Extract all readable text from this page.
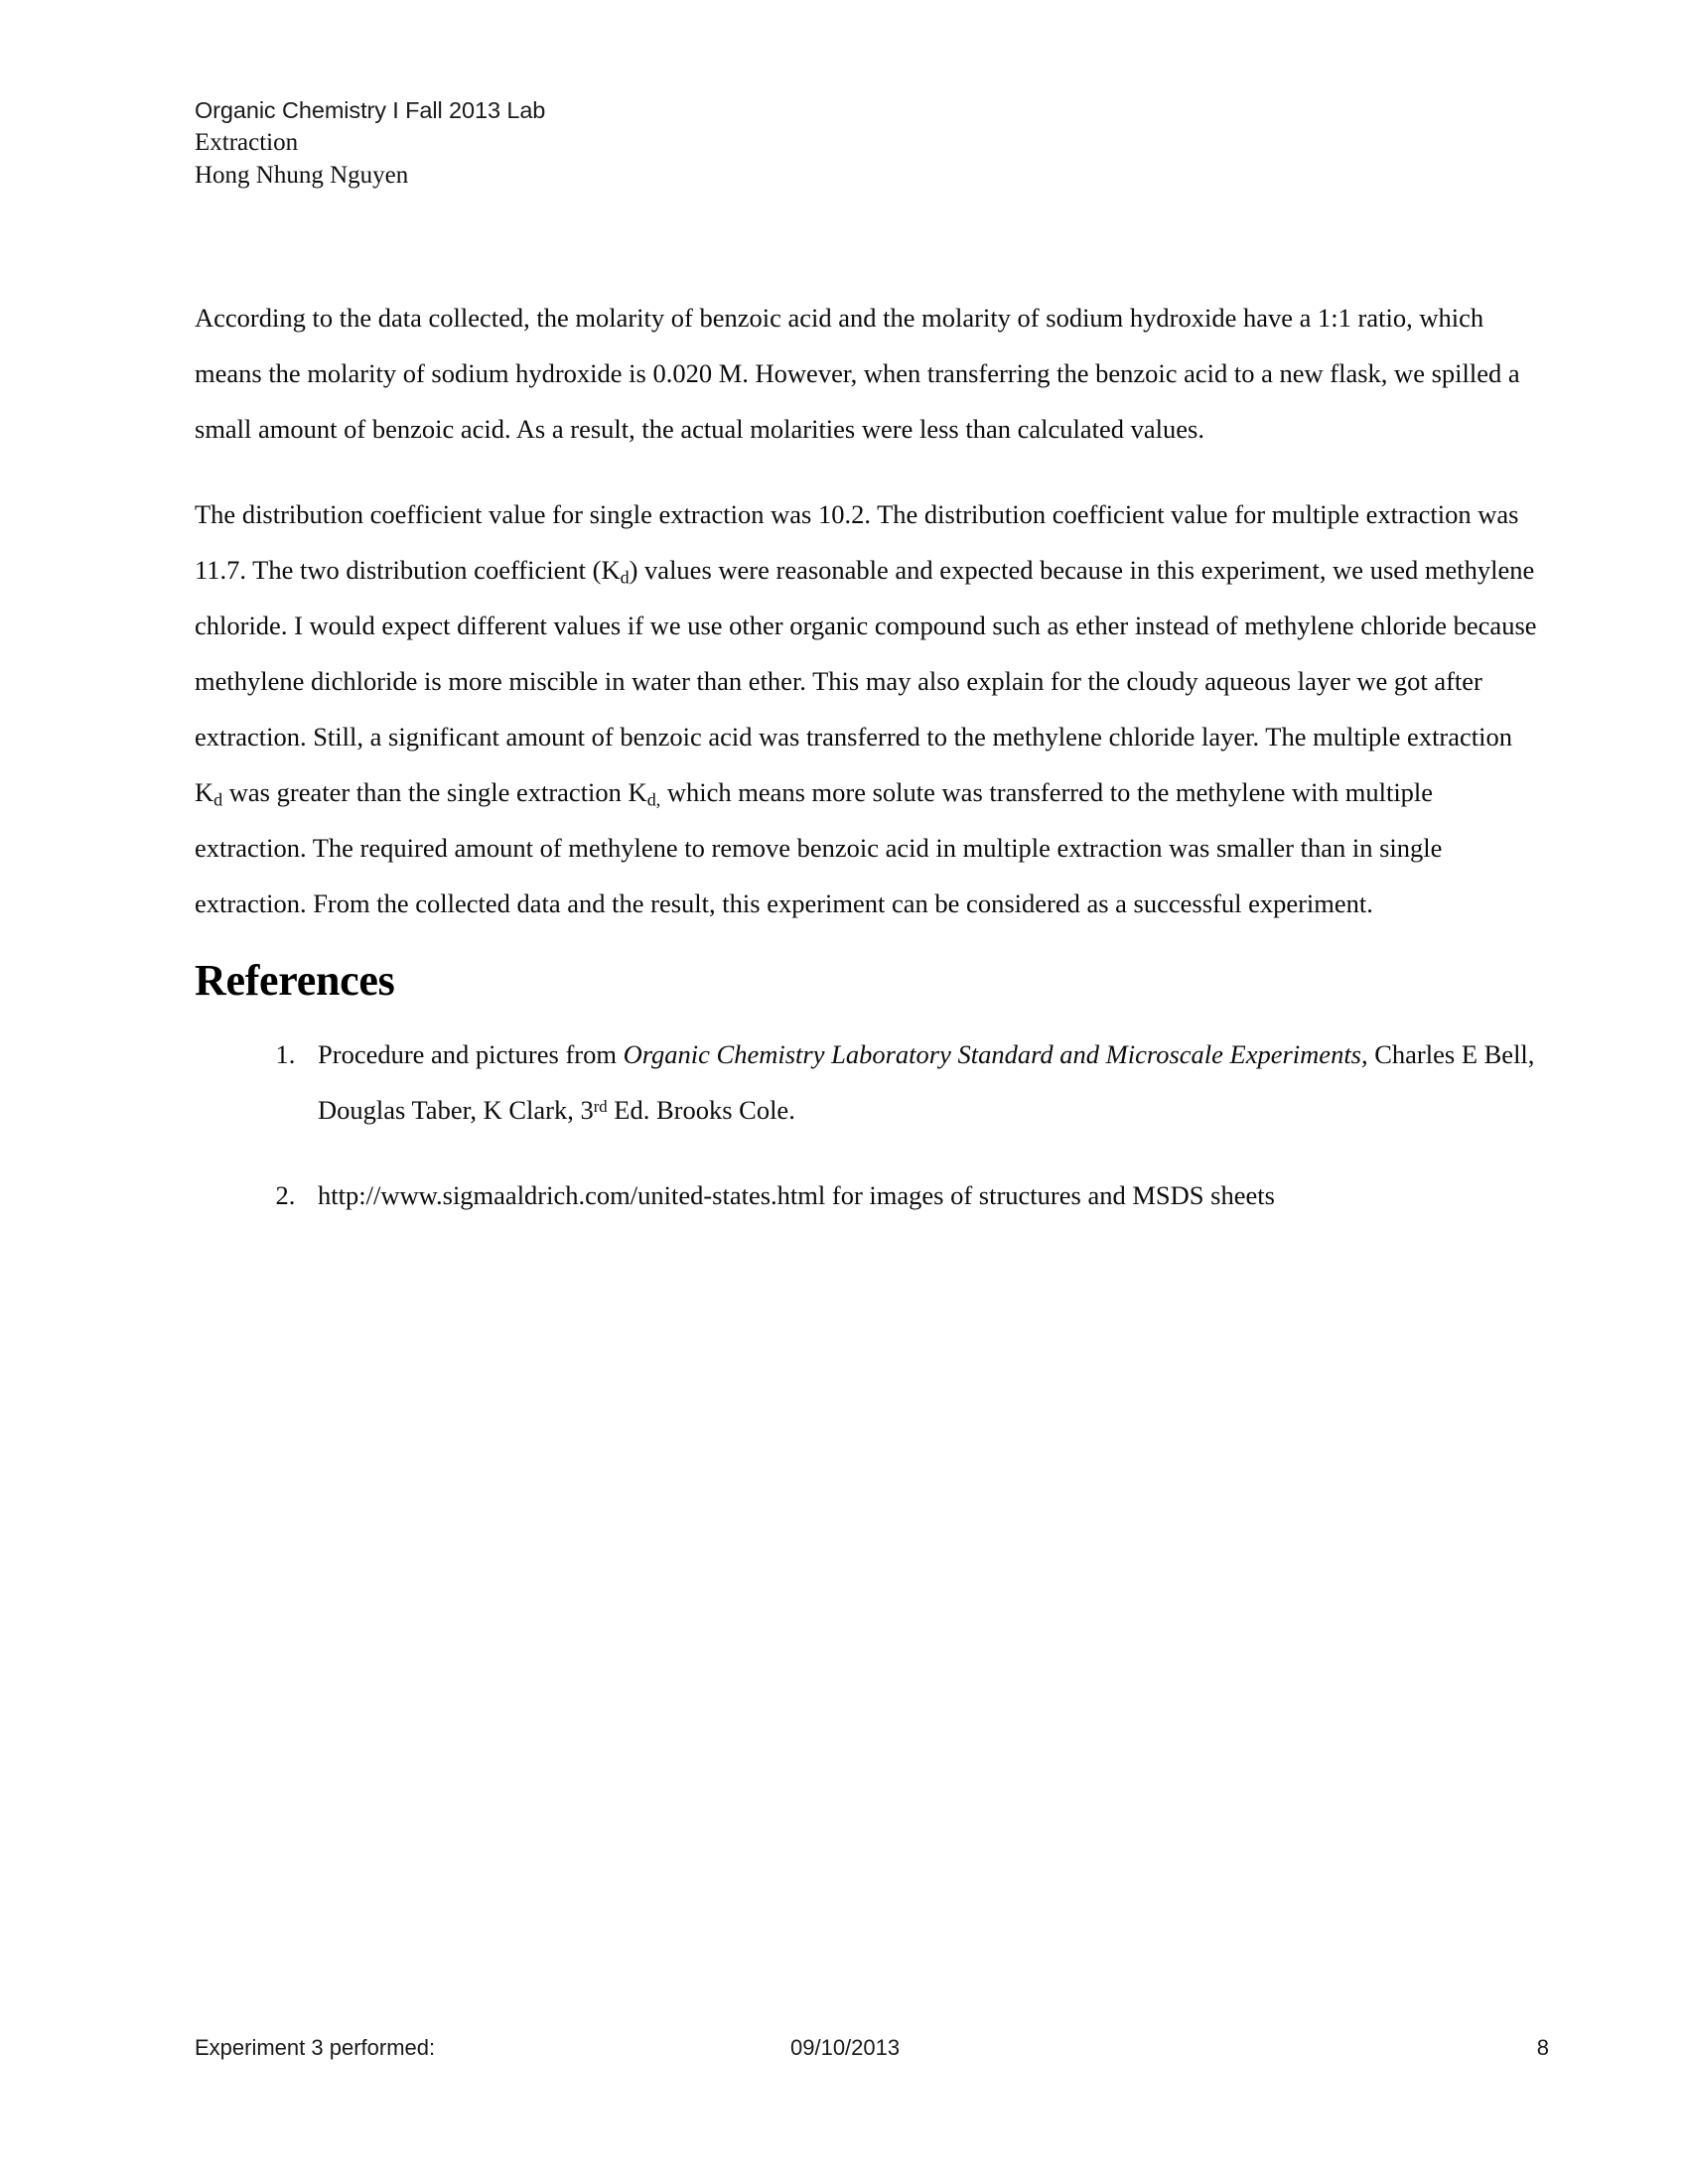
Organic Chemistry I Fall 2013 Lab
Extraction
Hong Nhung Nguyen

According to the data collected, the molarity of benzoic acid and the molarity of sodium hydroxide have a 1:1 ratio, which means the molarity of sodium hydroxide is 0.020 M. However, when transferring the benzoic acid to a new flask, we spilled a small amount of benzoic acid. As a result, the actual molarities were less than calculated values.

The distribution coefficient value for single extraction was 10.2. The distribution coefficient value for multiple extraction was 11.7. The two distribution coefficient $(K_d)$ values were reasonable and expected because in this experiment, we used methylene chloride. I would expect different values if we use other organic compound such as ether instead of methylene chloride because methylene dichloride is more miscible in water than ether. This may also explain for the cloudy aqueous layer we got after extraction. Still, a significant amount of benzoic acid was transferred to the methylene chloride layer. The multiple extraction $K_d$ was greater than the single extraction $K_{d,}$ which means more solute was transferred to the methylene with multiple extraction. The required amount of methylene to remove benzoic acid in multiple extraction was smaller than in single extraction. From the collected data and the result, this experiment can be considered as a successful experiment.

References
1. Procedure and pictures from Organic Chemistry Laboratory Standard and Microscale Experiments, Charles E Bell, Douglas Taber, K Clark, 3rd Ed. Brooks Cole.
2. http://www.sigmaaldrich.com/united-states.html for images of structures and MSDS sheets
Experiment 3 performed:	09/10/2013	8
